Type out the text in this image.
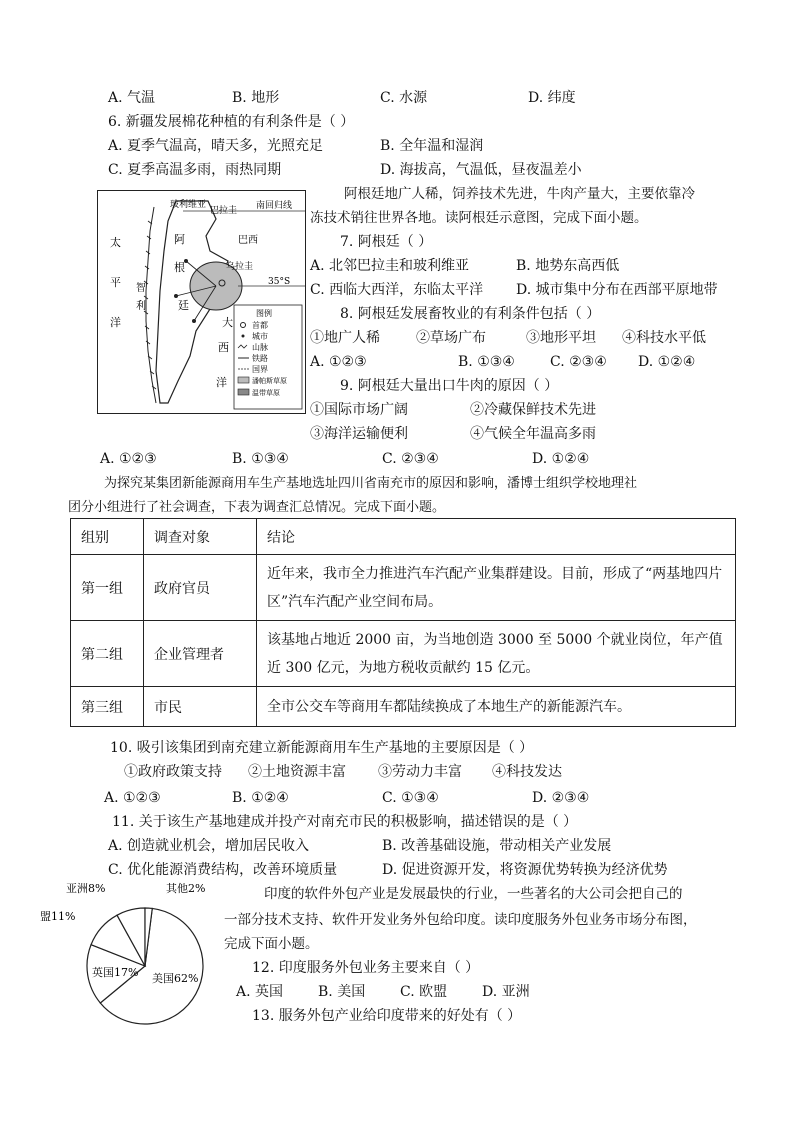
A. 气温	B. 地形	C. 水源	D. 纬度
6. 新疆发展棉花种植的有利条件是（ ）
A. 夏季气温高，晴天多，光照充足	B. 全年温和湿润
C. 夏季高温多雨，雨热同期	D. 海拔高，气温低，昼夜温差小
玻利维亚
巴拉圭 南回归线
巴西
乌拉圭
35°S
太
平
洋
智
利
阿
根
廷
大
西
洋
图例
首都
城市
山脉
铁路
国界
潘帕斯草原
温带草原
阿根廷地广人稀，饲养技术先进，牛肉产量大，主要依靠冷
冻技术销往世界各地。读阿根廷示意图，完成下面小题。
7. 阿根廷（ ）
A. 北邻巴拉圭和玻利维亚	B. 地势东高西低
C. 西临大西洋，东临太平洋 D. 城市集中分布在西部平原地带
8. 阿根廷发展畜牧业的有利条件包括（ ）
①地广人稀	②草场广布	③地形平坦 ④科技水平低
A. ①②③	B. ①③④	C. ②③④ D. ①②④
9. 阿根廷大量出口牛肉的原因（ ）
①国际市场广阔	②冷藏保鲜技术先进
③海洋运输便利	④气候全年温高多雨
A. ①②③	B. ①③④	C. ②③④	D. ①②④
为探究某集团新能源商用车生产基地选址四川省南充市的原因和影响，潘博士组织学校地理社
团分小组进行了社会调查，下表为调查汇总情况。完成下面小题。
组别	调查对象	结论
第一组	政府官员	近年来，我市全力推进汽车汽配产业集群建设。目前，形成了“两基地四片区”汽车汽配产业空间布局。
第二组	企业管理者	该基地占地近 2000 亩，为当地创造 3000 至 5000 个就业岗位，年产值近 300 亿元，为地方税收贡献约 15 亿元。
第三组	市民	全市公交车等商用车都陆续换成了本地生产的新能源汽车。
10. 吸引该集团到南充建立新能源商用车生产基地的主要原因是（ ）
①政府政策支持 ②土地资源丰富 ③劳动力丰富 ④科技发达
A. ①②③	B. ①②④	C. ①③④	D. ②③④
11. 关于该生产基地建成并投产对南充市民的积极影响，描述错误的是（ ）
A. 创造就业机会，增加居民收入	B. 改善基础设施，带动相关产业发展
C. 优化能源消费结构，改善环境质量	D. 促进资源开发，将资源优势转换为经济优势
美国62%
英国17%
盟11%
亚洲8%	其他2%	印度的软件外包产业是发展最快的行业，一些著名的大公司会把自己的
一部分技术支持、软件开发业务外包给印度。读印度服务外包业务市场分布图，
完成下面小题。
12. 印度服务外包业务主要来自（ ）
A. 英国 B. 美国 C. 欧盟 D. 亚洲
13. 服务外包产业给印度带来的好处有（ ）
